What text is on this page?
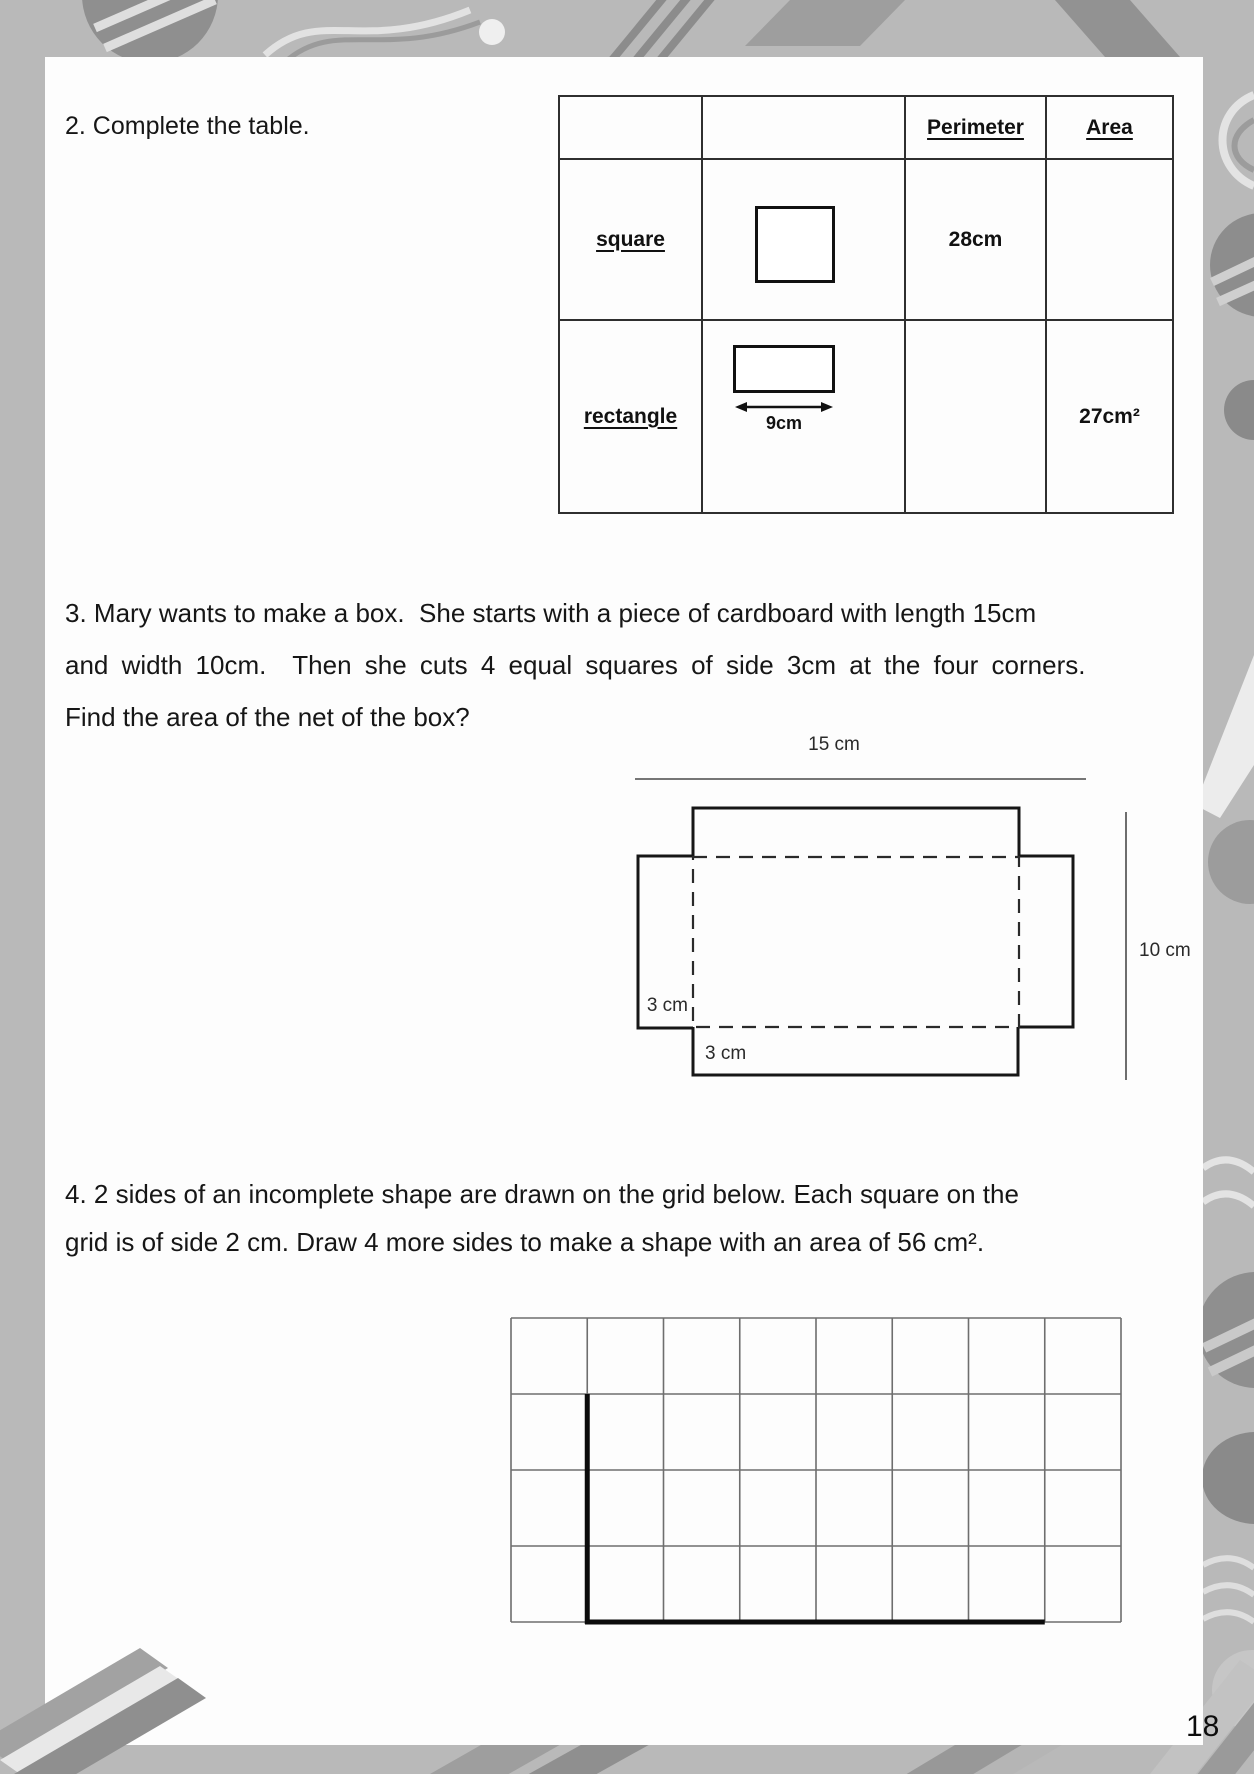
2. Complete the table.
			Perimeter	Area
square		28cm	
rectangle	9cm		27cm²
3. Mary wants to make a box.  She starts with a piece of cardboard with length 15cm
and width 10cm.  Then she cuts 4 equal squares of side 3cm at the four corners.
Find the area of the net of the box?
15 cm
3 cm
3 cm
10 cm
4. 2 sides of an incomplete shape are drawn on the grid below. Each square on the
grid is of side 2 cm. Draw 4 more sides to make a shape with an area of 56 cm².
18
